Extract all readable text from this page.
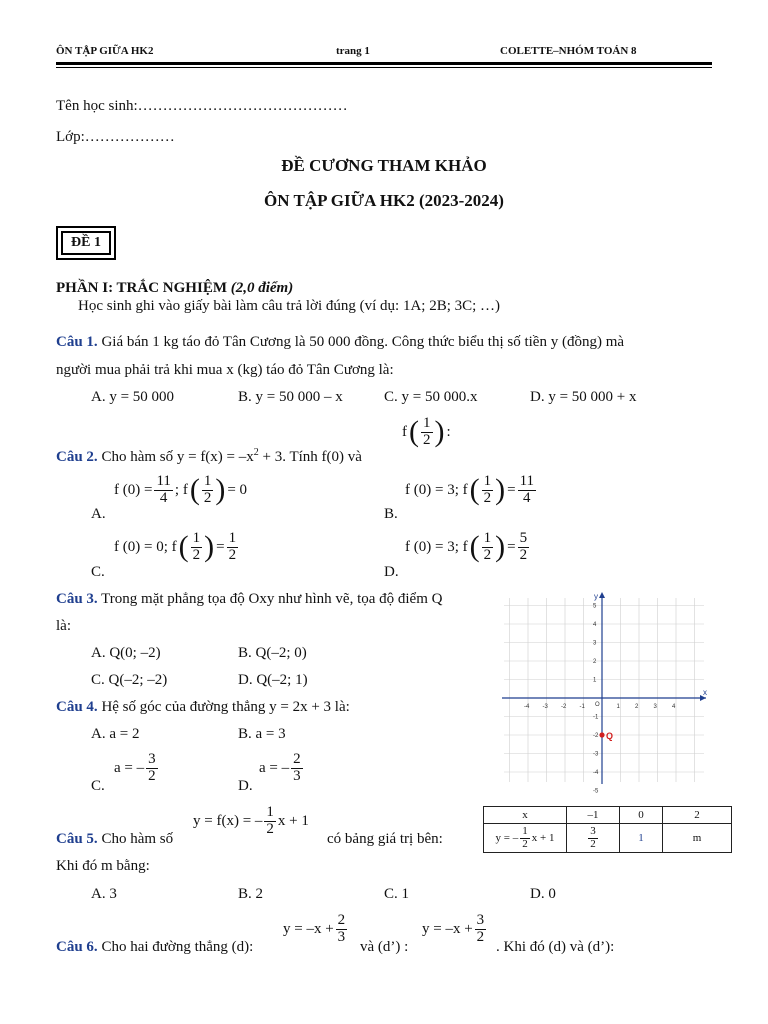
ÔN TẬP GIỮA HK2	trang 1	COLETTE–NHÓM TOÁN 8
Tên học sinh:……………………………………
Lớp:………………
ĐỀ CƯƠNG THAM KHẢO
ÔN TẬP GIỮA HK2 (2023-2024)
ĐỀ 1
PHẦN I: TRẮC NGHIỆM (2,0 điểm)
Học sinh ghi vào giấy bài làm câu trả lời đúng (ví dụ: 1A; 2B; 3C; …)
Câu 1. Giá bán 1 kg táo đỏ Tân Cương là 50 000 đồng. Công thức biểu thị số tiền y (đồng) mà
người mua phải trả khi mua x (kg) táo đỏ Tân Cương là:
A. y = 50 000	B. y = 50 000 – x	C. y = 50 000.x	D. y = 50 000 + x
Câu 2. Cho hàm số $y = f(x) = -x^2 + 3$. Tính f(0) và
f ( $\frac{1}{2}$ ) :
A.
f $(0) = \frac{11}{4}$ ; f ( $\frac{1}{2}$ ) = 0
B.
f (0) = 3; f ( $\frac{1}{2}$ ) = $\frac{11}{4}$
C.
f (0) = 0; f ( $\frac{1}{2}$ ) = $\frac{1}{2}$
D.
f (0) = 3; f ( $\frac{1}{2}$ ) = $\frac{5}{2}$
Câu 3. Trong mặt phẳng tọa độ Oxy như hình vẽ, tọa độ điểm Q
là:
A. Q(0; –2)	B. Q(–2; 0)
C. Q(–2; –2)	D. Q(–2; 1)
x
y
O
-4 -3 -2 -1	1	2	3	4
5
4
3
2
1
-1
-2
-3
-4
-5
Q
Câu 4. Hệ số góc của đường thẳng y = 2x + 3 là:
A. a = 2	B. a = 3
C.
a = – $\frac{3}{2}$
D.
a = – $\frac{2}{3}$
Câu 5. Cho hàm số
y = f(x) = – $\frac{1}{2}$ x + 1
có bảng giá trị bên:
x	–1	0	2

y = – $\frac{1}{2}$ x + 1	$\frac{3}{2}$	1	m
Khi đó m bằng:
A. 3	B. 2	C. 1	D. 0
Câu 6. Cho hai đường thẳng (d):
$y = -x + \frac{2}{3}$
và (d’) :
$y = -x + \frac{3}{2}$
. Khi đó (d) và (d’):
